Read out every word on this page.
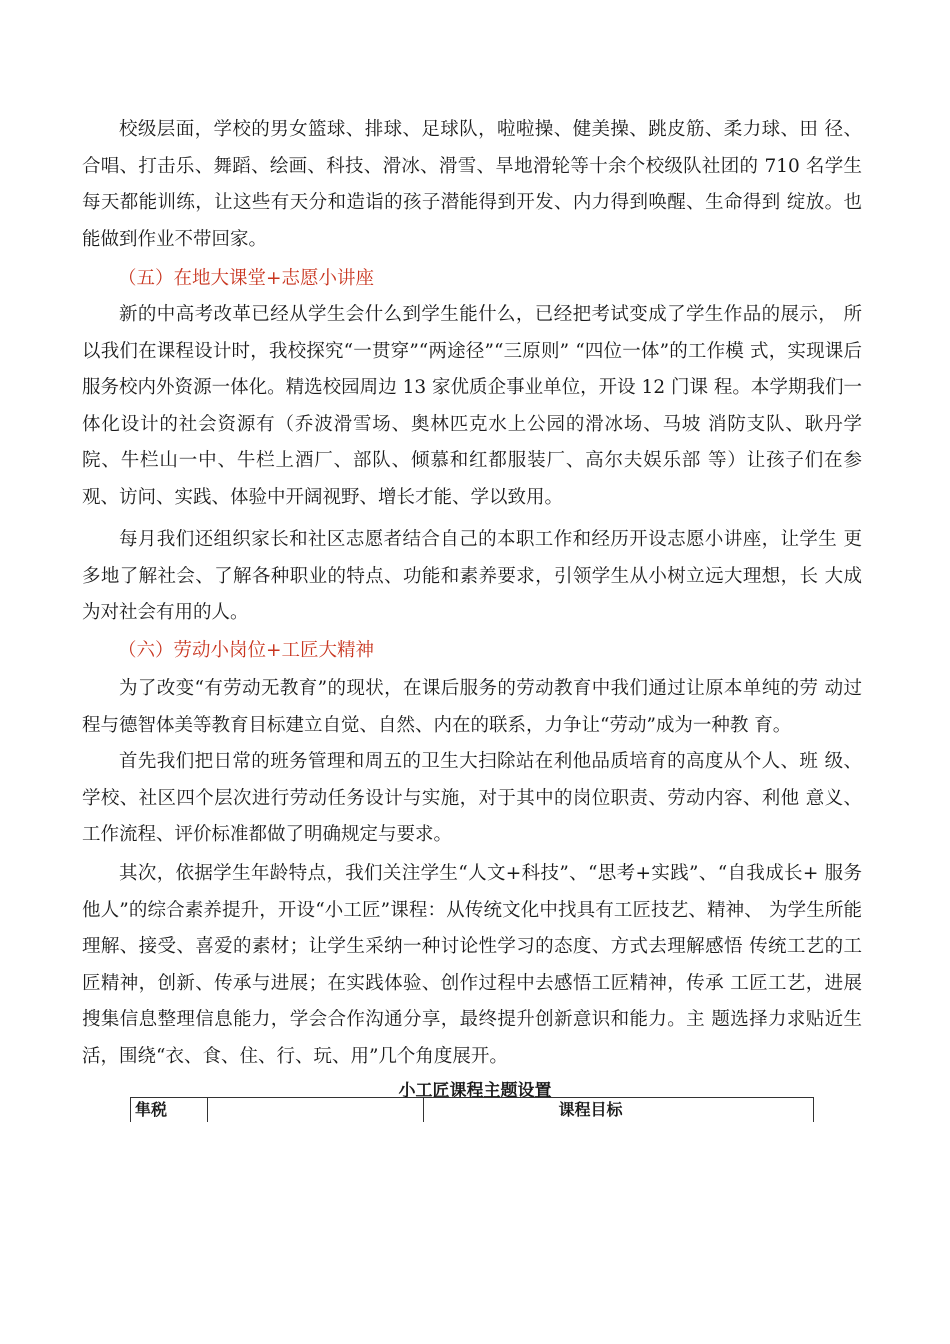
校级层面，学校的男女篮球、排球、足球队，啦啦操、健美操、跳皮筋、柔力球、田 径、合唱、打击乐、舞蹈、绘画、科技、滑冰、滑雪、旱地滑轮等十余个校级队社团的 710 名学生每天都能训练，让这些有天分和造诣的孩子潜能得到开发、内力得到唤醒、生命得到 绽放。也能做到作业不带回家。

（五）在地大课堂+志愿小讲座

新的中高考改革已经从学生会什么到学生能什么，已经把考试变成了学生作品的展示， 所以我们在课程设计时，我校探究“一贯穿”“两途径”“三原则” “四位一体”的工作模 式，实现课后服务校内外资源一体化。精选校园周边 13 家优质企事业单位，开设 12 门课 程。本学期我们一体化设计的社会资源有（乔波滑雪场、奥林匹克水上公园的滑冰场、马坡 消防支队、耿丹学院、牛栏山一中、牛栏上酒厂、部队、倾慕和红都服装厂、高尔夫娱乐部 等）让孩子们在参观、访问、实践、体验中开阔视野、增长才能、学以致用。

每月我们还组织家长和社区志愿者结合自己的本职工作和经历开设志愿小讲座，让学生 更多地了解社会、了解各种职业的特点、功能和素养要求，引领学生从小树立远大理想，长 大成为对社会有用的人。

（六）劳动小岗位+工匠大精神

为了改变“有劳动无教育”的现状，在课后服务的劳动教育中我们通过让原本单纯的劳 动过程与德智体美等教育目标建立自觉、自然、内在的联系，力争让“劳动”成为一种教 育。

首先我们把日常的班务管理和周五的卫生大扫除站在利他品质培育的高度从个人、班 级、学校、社区四个层次进行劳动任务设计与实施，对于其中的岗位职责、劳动内容、利他 意义、工作流程、评价标准都做了明确规定与要求。

其次，依据学生年龄特点，我们关注学生“人文+科技”、“思考+实践”、“自我成长+ 服务他人”的综合素养提升，开设“小工匠”课程：从传统文化中找具有工匠技艺、精神、 为学生所能理解、接受、喜爱的素材；让学生采纳一种讨论性学习的态度、方式去理解感悟 传统工艺的工匠精神，创新、传承与进展；在实践体验、创作过程中去感悟工匠精神，传承 工匠工艺，进展搜集信息整理信息能力，学会合作沟通分享，最终提升创新意识和能力。主 题选择力求贴近生活，围绕“衣、食、住、行、玩、用”几个角度展开。

小工匠课程主题设置

隼税	课程目标
